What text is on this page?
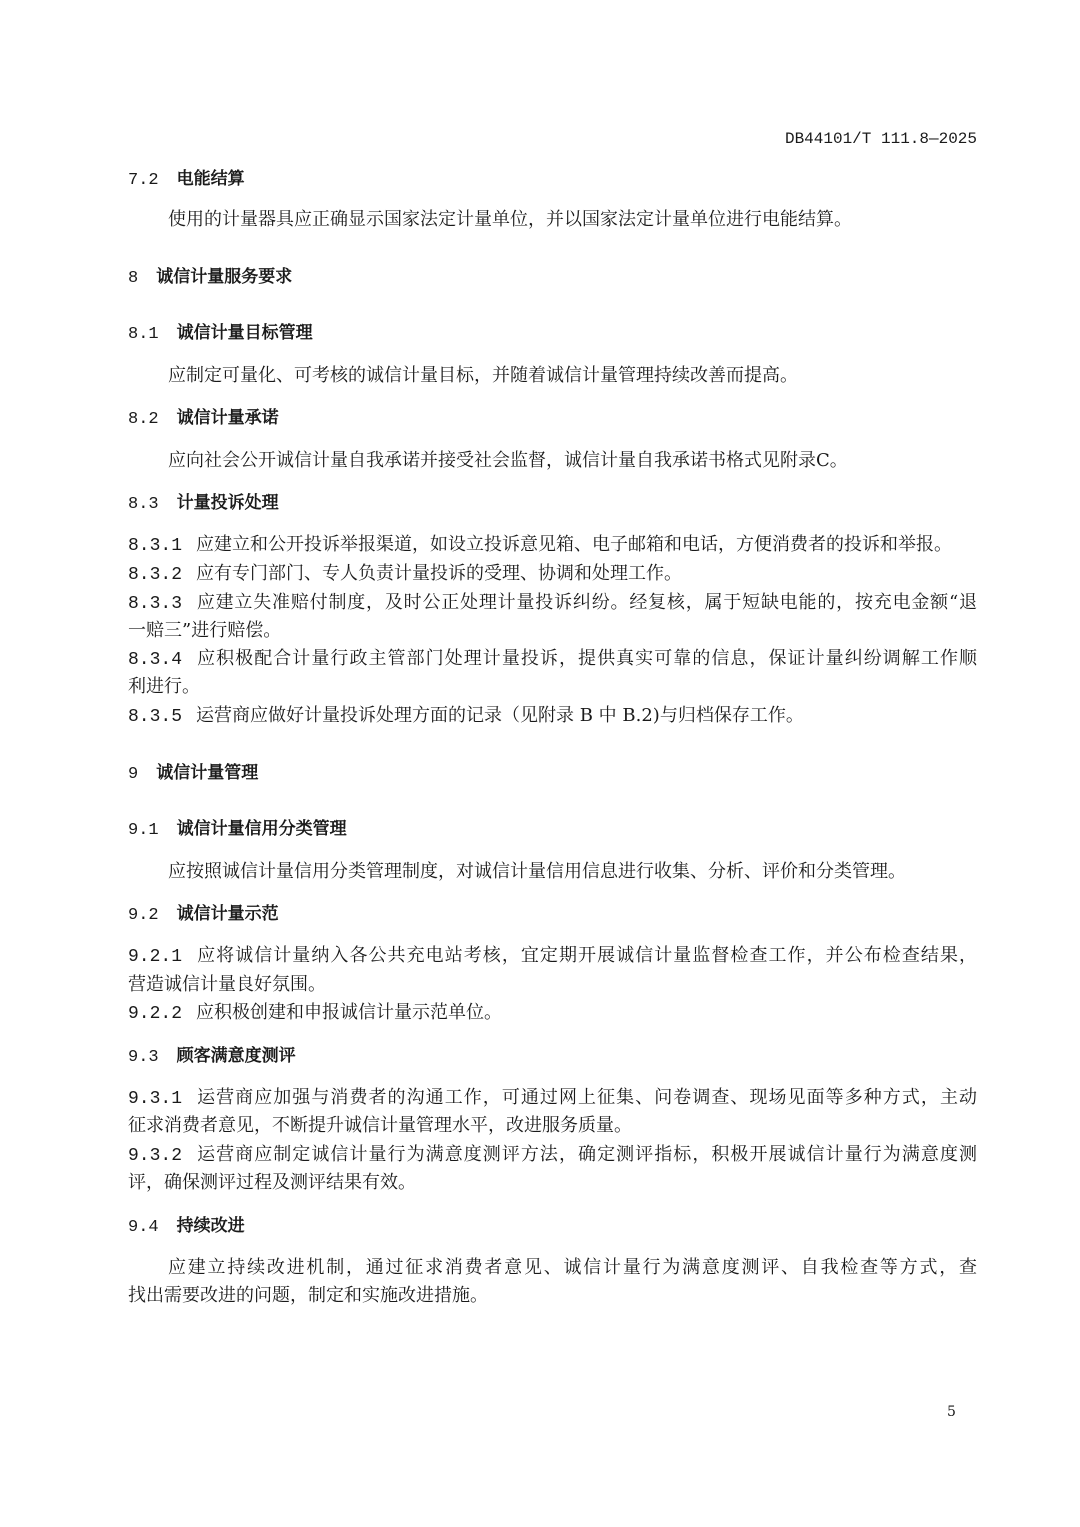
DB44101/T 111.8—2025
7.2 电能结算
使用的计量器具应正确显示国家法定计量单位，并以国家法定计量单位进行电能结算。
8 诚信计量服务要求
8.1 诚信计量目标管理
应制定可量化、可考核的诚信计量目标，并随着诚信计量管理持续改善而提高。
8.2 诚信计量承诺
应向社会公开诚信计量自我承诺并接受社会监督，诚信计量自我承诺书格式见附录C。
8.3 计量投诉处理
8.3.1 应建立和公开投诉举报渠道，如设立投诉意见箱、电子邮箱和电话，方便消费者的投诉和举报。
8.3.2 应有专门部门、专人负责计量投诉的受理、协调和处理工作。
8.3.3 应建立失准赔付制度，及时公正处理计量投诉纠纷。经复核，属于短缺电能的，按充电金额“退
一赔三”进行赔偿。
8.3.4 应积极配合计量行政主管部门处理计量投诉，提供真实可靠的信息，保证计量纠纷调解工作顺
利进行。
8.3.5 运营商应做好计量投诉处理方面的记录（见附录 B 中 B.2)与归档保存工作。
9 诚信计量管理
9.1 诚信计量信用分类管理
应按照诚信计量信用分类管理制度，对诚信计量信用信息进行收集、分析、评价和分类管理。
9.2 诚信计量示范
9.2.1 应将诚信计量纳入各公共充电站考核，宜定期开展诚信计量监督检查工作，并公布检查结果，
营造诚信计量良好氛围。
9.2.2 应积极创建和申报诚信计量示范单位。
9.3 顾客满意度测评
9.3.1 运营商应加强与消费者的沟通工作，可通过网上征集、问卷调查、现场见面等多种方式，主动
征求消费者意见，不断提升诚信计量管理水平，改进服务质量。
9.3.2 运营商应制定诚信计量行为满意度测评方法，确定测评指标，积极开展诚信计量行为满意度测
评，确保测评过程及测评结果有效。
9.4 持续改进
应建立持续改进机制，通过征求消费者意见、诚信计量行为满意度测评、自我检查等方式，查
找出需要改进的问题，制定和实施改进措施。
5
